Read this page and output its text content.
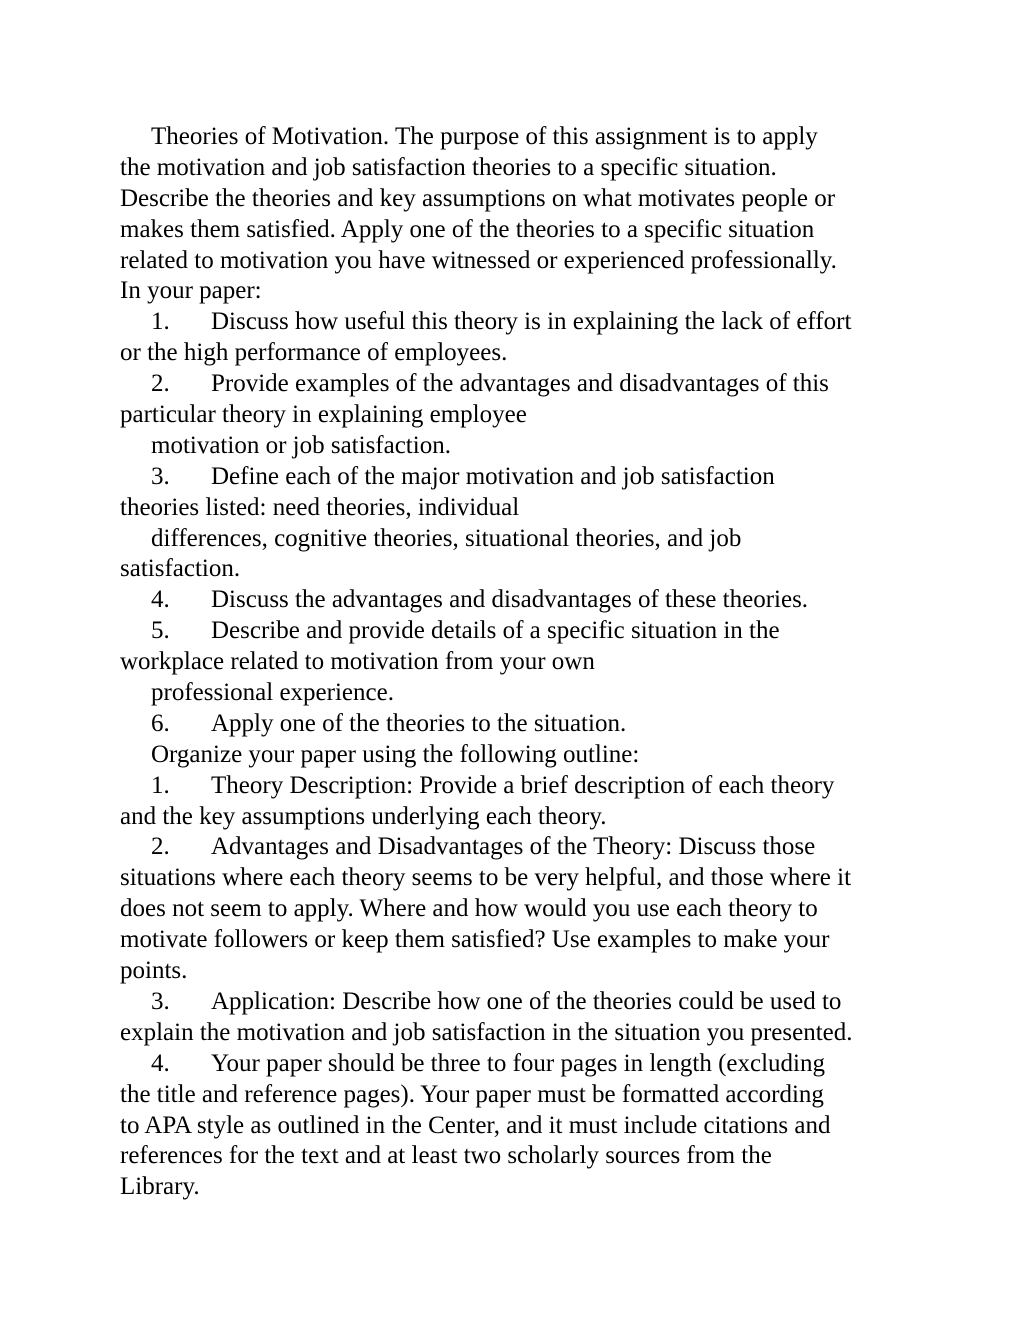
Theories of Motivation. The purpose of this assignment is to apply
the motivation and job satisfaction theories to a specific situation.
Describe the theories and key assumptions on what motivates people or
makes them satisfied. Apply one of the theories to a specific situation
related to motivation you have witnessed or experienced professionally.
In your paper:
1. Discuss how useful this theory is in explaining the lack of effort
or the high performance of employees.
2. Provide examples of the advantages and disadvantages of this
particular theory in explaining employee
motivation or job satisfaction.
3. Define each of the major motivation and job satisfaction
theories listed: need theories, individual
differences, cognitive theories, situational theories, and job
satisfaction.
4. Discuss the advantages and disadvantages of these theories.
5. Describe and provide details of a specific situation in the
workplace related to motivation from your own
professional experience.
6. Apply one of the theories to the situation.
Organize your paper using the following outline:
1. Theory Description: Provide a brief description of each theory
and the key assumptions underlying each theory.
2. Advantages and Disadvantages of the Theory: Discuss those
situations where each theory seems to be very helpful, and those where it
does not seem to apply. Where and how would you use each theory to
motivate followers or keep them satisfied? Use examples to make your
points.
3. Application: Describe how one of the theories could be used to
explain the motivation and job satisfaction in the situation you presented.
4. Your paper should be three to four pages in length (excluding
the title and reference pages). Your paper must be formatted according
to APA style as outlined in the Center, and it must include citations and
references for the text and at least two scholarly sources from the
Library.
